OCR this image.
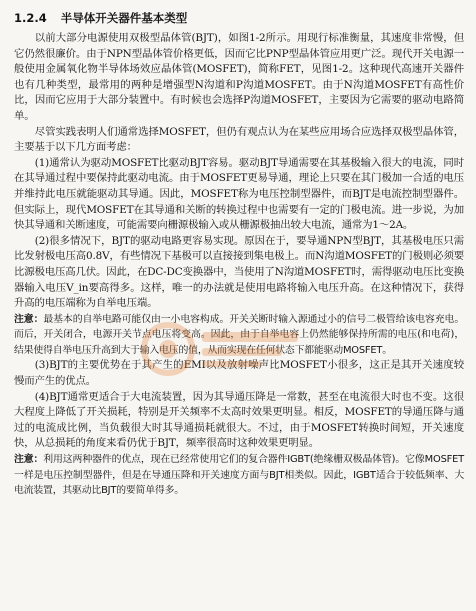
1.2.4 半导体开关器件基本类型

以前大部分电源使用双极型晶体管(BJT)，如图1-2所示。用现行标准衡量，其速度非常慢，但它仍然很廉价。由于NPN型晶体管价格更低，因而它比PNP型晶体管应用更广泛。现代开关电源一般使用金属氧化物半导体场效应晶体管(MOSFET)，简称FET，见图1-2。这种现代高速开关器件也有几种类型，最常用的两种是增强型N沟道和P沟道MOSFET。由于N沟道MOSFET有高性价比，因而它应用于大部分装置中。有时候也会选择P沟道MOSFET，主要因为它需要的驱动电路简单。

尽管实践表明人们通常选择MOSFET，但仍有观点认为在某些应用场合应选择双极型晶体管，主要基于以下几方面考虑：

(1)通常认为驱动MOSFET比驱动BJT容易。驱动BJT导通需要在其基极输入很大的电流，同时在其导通过程中要保持此驱动电流。由于MOSFET更易导通，理论上只要在其门极加一合适的电压并维持此电压就能驱动其导通。因此，MOSFET称为电压控制型器件，而BJT是电流控制型器件。但实际上，现代MOSFET在其导通和关断的转换过程中也需要有一定的门极电流。进一步说，为加快其导通和关断速度，可能需要向栅源极输入或从栅源极抽出较大电流，通常为1～2A。

(2)很多情况下，BJT的驱动电路更容易实现。原因在于，要导通NPN型BJT，其基极电压只需比发射极电压高0.8V，有些情况下基极可以直接接到集电极上。而N沟道MOSFET的门极则必须要比源极电压高几伏。因此，在DC-DC变换器中，当使用了N沟道MOSFET时，需得驱动电压比变换器输入电压V_in要高得多。这样，唯一的办法就是使用电路将输入电压升高。在这种情况下，获得升高的电压端称为自举电压端。

注意：最基本的自举电路可能仅由一小电容构成。开关关断时输入源通过小的信号二极管给该电容充电。而后，开关闭合，电源开关节点电压将变高。因此，由于自举电容上仍然能够保持所需的电压(和电荷)，结果使得自举电压升高到大于输入电压的值，从而实现在任何状态下都能驱动MOSFET。

(3)BJT的主要优势在于其产生的EMI以及放射噪声比MOSFET小很多，这正是其开关速度较慢而产生的优点。

(4)BJT通常更适合于大电流装置，因为其导通压降是一常数，甚至在电流很大时也不变。这很大程度上降低了开关损耗，特别是开关频率不太高时效果更明显。相反，MOSFET的导通压降与通过的电流成比例，当负载很大时其导通损耗就很大。不过，由于MOSFET转换时间短，开关速度快，从总损耗的角度来看仍优于BJT，频率很高时这种效果更明显。

注意：利用这两种器件的优点，现在已经常使用它们的复合器件IGBT(绝缘栅双极晶体管)。它像MOSFET一样是电压控制型器件，但是在导通压降和开关速度方面与BJT相类似。因此，IGBT适合于较低频率、大电流装置，其驱动比BJT的要简单得多。
